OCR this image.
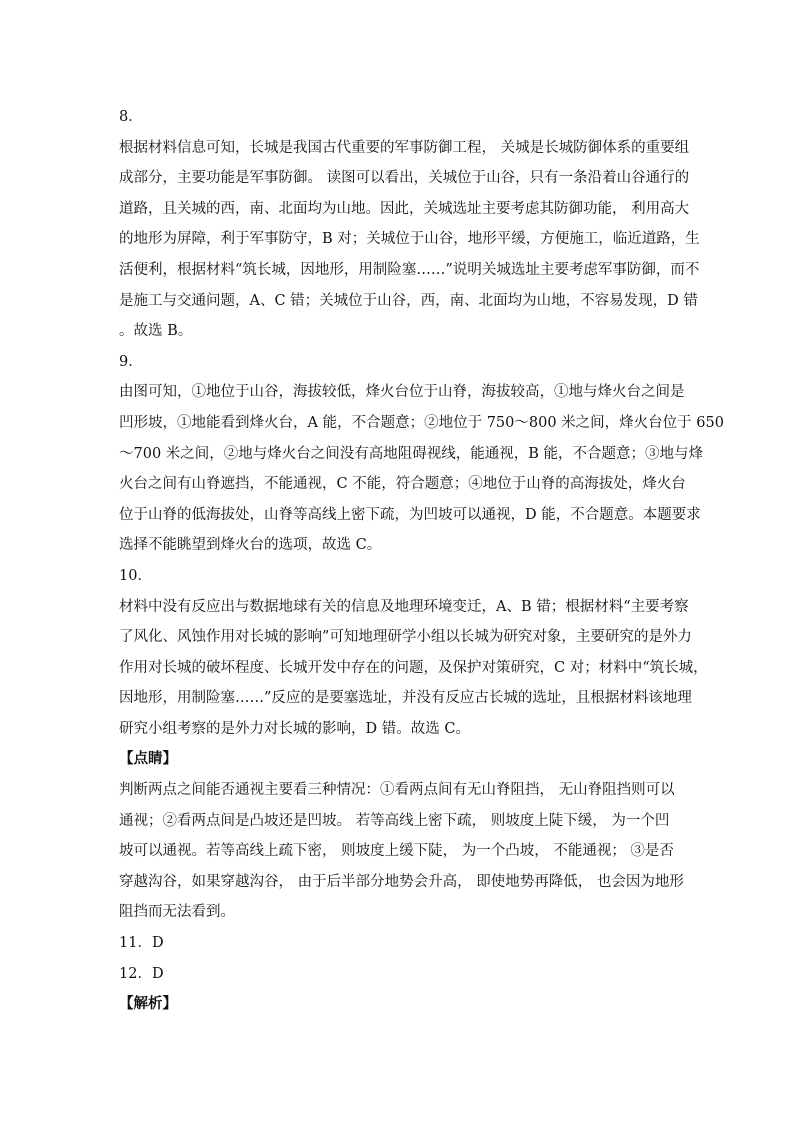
8．
根据材料信息可知，长城是我国古代重要的军事防御工程， 关城是长城防御体系的重要组
成部分，主要功能是军事防御。 读图可以看出，关城位于山谷，只有一条沿着山谷通行的
道路，且关城的西，南、北面均为山地。因此，关城选址主要考虑其防御功能， 利用高大
的地形为屏障，利于军事防守，B 对；关城位于山谷，地形平缓，方便施工，临近道路，生
活便利，根据材料“筑长城，因地形，用制险塞……”说明关城选址主要考虑军事防御，而不
是施工与交通问题，A、C 错；关城位于山谷，西，南、北面均为山地，不容易发现，D 错
。故选 B。
9．
由图可知，①地位于山谷，海拔较低，烽火台位于山脊，海拔较高，①地与烽火台之间是
凹形坡，①地能看到烽火台，A 能，不合题意；②地位于 750～800 米之间，烽火台位于 650
～700 米之间，②地与烽火台之间没有高地阻碍视线，能通视，B 能，不合题意；③地与烽
火台之间有山脊遮挡，不能通视，C 不能，符合题意；④地位于山脊的高海拔处，烽火台
位于山脊的低海拔处，山脊等高线上密下疏，为凹坡可以通视，D 能，不合题意。本题要求
选择不能眺望到烽火台的选项，故选 C。
10．
材料中没有反应出与数据地球有关的信息及地理环境变迁，A、B 错；根据材料“主要考察
了风化、风蚀作用对长城的影响”可知地理研学小组以长城为研究对象，主要研究的是外力
作用对长城的破坏程度、长城开发中存在的问题，及保护对策研究，C 对；材料中“筑长城，
因地形，用制险塞……”反应的是要塞选址，并没有反应古长城的选址，且根据材料该地理
研究小组考察的是外力对长城的影响，D 错。故选 C。
【点睛】
判断两点之间能否通视主要看三种情况：①看两点间有无山脊阻挡， 无山脊阻挡则可以
通视；②看两点间是凸坡还是凹坡。 若等高线上密下疏， 则坡度上陡下缓， 为一个凹
坡可以通视。若等高线上疏下密， 则坡度上缓下陡， 为一个凸坡， 不能通视； ③是否
穿越沟谷，如果穿越沟谷， 由于后半部分地势会升高， 即使地势再降低， 也会因为地形
阻挡而无法看到。
11．D
12．D
【解析】
